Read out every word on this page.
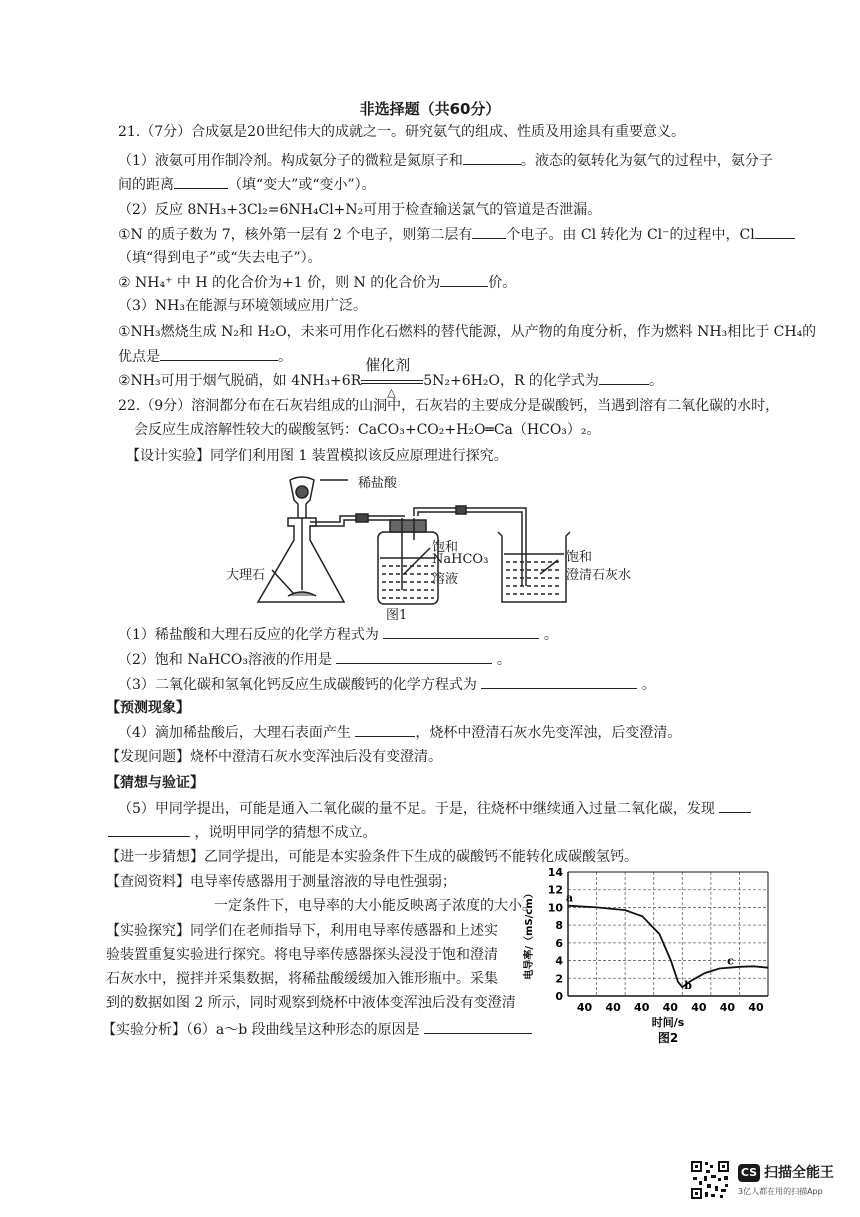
非选择题（共60分）
21.（7分）合成氨是20世纪伟大的成就之一。研究氨气的组成、性质及用途具有重要意义。
（1）液氨可用作制冷剂。构成氨分子的微粒是氮原子和	。液态的氨转化为氨气的过程中，氨分子
间的距离	（填“变大”或“变小”）。
（2）反应 8NH₃+3Cl₂=6NH₄Cl+N₂可用于检查输送氯气的管道是否泄漏。
①N 的质子数为 7，核外第一层有 2 个电子，则第二层有 个电子。由 Cl 转化为 Cl⁻的过程中，Cl
（填“得到电子”或“失去电子”）。
② NH₄⁺ 中 H 的化合价为+1 价，则 N 的化合价为	价。
（3）NH₃在能源与环境领域应用广泛。
①NH₃燃烧生成 N₂和 H₂O，未来可用作化石燃料的替代能源，从产物的角度分析，作为燃料 NH₃相比于 CH₄的
优点是	。
②NH₃可用于烟气脱硝，如 4NH₃+6R
催化剂
△
5N₂+6H₂O，R 的化学式为	。
22.（9分）溶洞都分布在石灰岩组成的山洞中，石灰岩的主要成分是碳酸钙，当遇到溶有二氧化碳的水时，
会反应生成溶解性较大的碳酸氢钙：CaCO₃+CO₂+H₂O═Ca（HCO₃）₂。
【设计实验】同学们利用图 1 装置模拟该反应原理进行探究。
稀盐酸
大理石
饱和
NaHCO₃
溶液
饱和
澄清石灰水
图1
（1）稀盐酸和大理石反应的化学方程式为	。
（2）饱和 NaHCO₃溶液的作用是	。
（3）二氧化碳和氢氧化钙反应生成碳酸钙的化学方程式为	。
【预测现象】
（4）滴加稀盐酸后，大理石表面产生	，烧杯中澄清石灰水先变浑浊，后变澄清。
【发现问题】烧杯中澄清石灰水变浑浊后没有变澄清。
【猜想与验证】
（5）甲同学提出，可能是通入二氧化碳的量不足。于是，往烧杯中继续通入过量二氧化碳，发现
，说明甲同学的猜想不成立。
【进一步猜想】乙同学提出，可能是本实验条件下生成的碳酸钙不能转化成碳酸氢钙。
【查阅资料】电导率传感器用于测量溶液的导电性强弱；
一定条件下，电导率的大小能反映离子浓度的大小。
【实验探究】同学们在老师指导下，利用电导率传感器和上述实
验装置重复实验进行探究。将电导率传感器探头浸没于饱和澄清
石灰水中，搅拌并采集数据，将稀盐酸缓缓加入锥形瓶中。采集
到的数据如图 2 所示，同时观察到烧杯中液体变浑浊后没有变澄清
【实验分析】（6）a～b 段曲线呈这种形态的原因是
0
2
4
6
8
10
12
14
40 40 40 40 40 40 40
时间/s
电导率/（mS/cm）
图2
a
b
c
CS 扫描全能王
3亿人都在用的扫描App
